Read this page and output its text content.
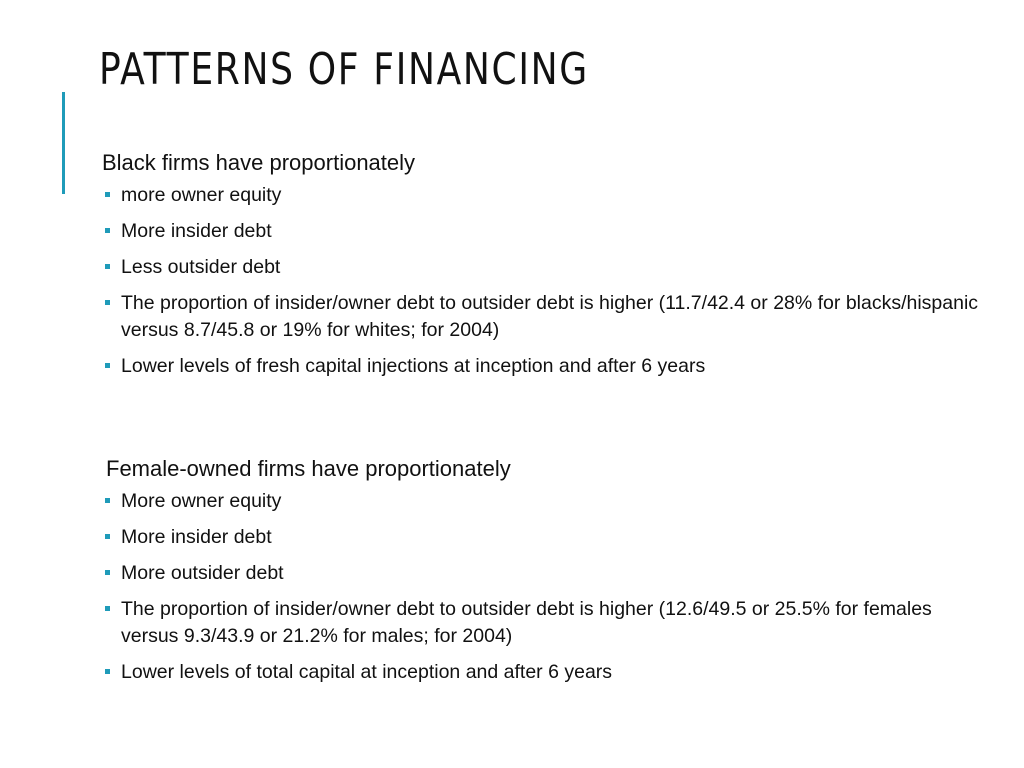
PATTERNS OF FINANCING

Black firms have proportionately

more owner equity
More insider debt
Less outsider debt
The proportion of insider/owner debt to outsider debt is higher (11.7/42.4 or 28% for blacks/hispanic versus 8.7/45.8 or 19% for whites; for 2004)
Lower levels of fresh capital injections at inception and after 6 years

Female-owned firms have proportionately

More owner equity
More insider debt
More outsider debt
The proportion of insider/owner debt to outsider debt is higher (12.6/49.5 or 25.5% for females versus 9.3/43.9 or 21.2% for males; for 2004)
Lower levels of total capital at inception and after 6 years
